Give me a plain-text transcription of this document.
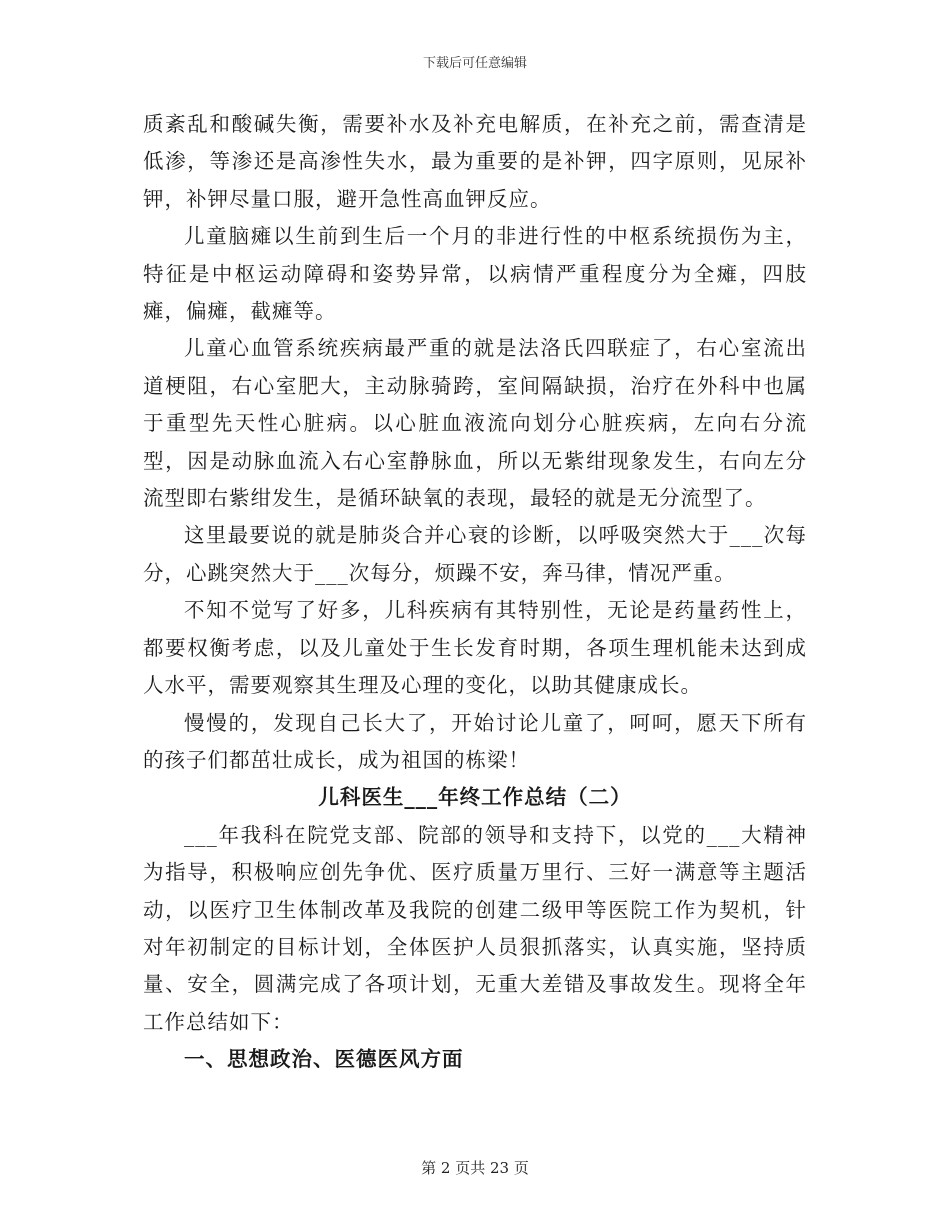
下载后可任意编辑

质紊乱和酸碱失衡，需要补水及补充电解质，在补充之前，需查清是低渗，等渗还是高渗性失水，最为重要的是补钾，四字原则，见尿补钾，补钾尽量口服，避开急性高血钾反应。

儿童脑瘫以生前到生后一个月的非进行性的中枢系统损伤为主，特征是中枢运动障碍和姿势异常，以病情严重程度分为全瘫，四肢瘫，偏瘫，截瘫等。

儿童心血管系统疾病最严重的就是法洛氏四联症了，右心室流出道梗阻，右心室肥大，主动脉骑跨，室间隔缺损，治疗在外科中也属于重型先天性心脏病。以心脏血液流向划分心脏疾病，左向右分流型，因是动脉血流入右心室静脉血，所以无紫绀现象发生，右向左分流型即右紫绀发生，是循环缺氧的表现，最轻的就是无分流型了。

这里最要说的就是肺炎合并心衰的诊断，以呼吸突然大于___次每分，心跳突然大于___次每分，烦躁不安，奔马律，情况严重。

不知不觉写了好多，儿科疾病有其特别性，无论是药量药性上，都要权衡考虑，以及儿童处于生长发育时期，各项生理机能未达到成人水平，需要观察其生理及心理的变化，以助其健康成长。

慢慢的，发现自己长大了，开始讨论儿童了，呵呵，愿天下所有的孩子们都茁壮成长，成为祖国的栋梁！

儿科医生___年终工作总结（二）

___年我科在院党支部、院部的领导和支持下，以党的___大精神为指导，积极响应创先争优、医疗质量万里行、三好一满意等主题活动，以医疗卫生体制改革及我院的创建二级甲等医院工作为契机，针对年初制定的目标计划，全体医护人员狠抓落实，认真实施，坚持质量、安全，圆满完成了各项计划，无重大差错及事故发生。现将全年工作总结如下：

一、思想政治、医德医风方面

第 2 页共 23 页
